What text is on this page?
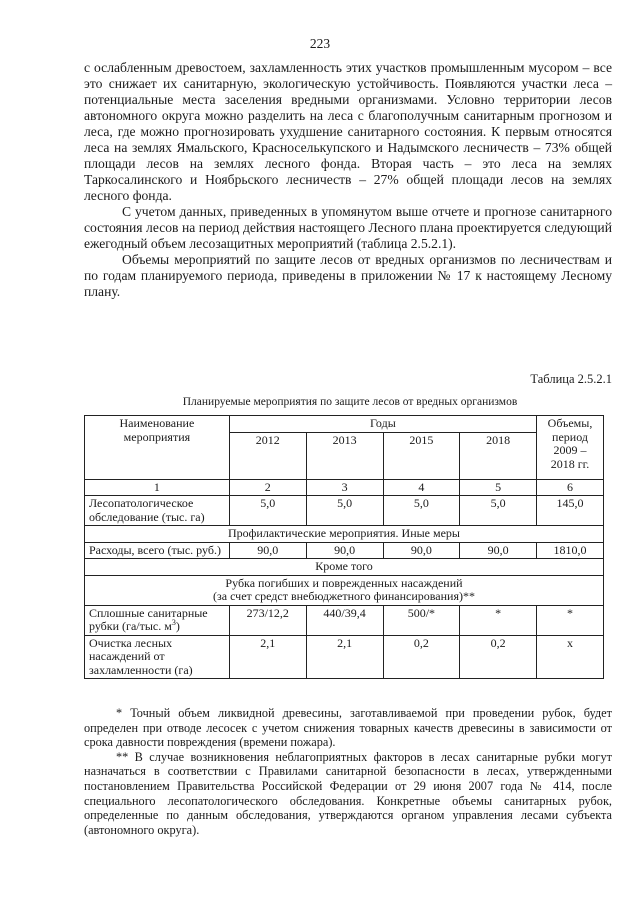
223

с ослабленным древостоем, захламленность этих участков промышленным мусором – все это снижает их санитарную, экологическую устойчивость. Появляются участки леса – потенциальные места заселения вредными организмами. Условно территории лесов автономного округа можно разделить на леса с благополучным санитарным прогнозом и леса, где можно прогнозировать ухудшение санитарного состояния. К первым относятся леса на землях Ямальского, Красноселькупского и Надымского лесничеств – 73% общей площади лесов на землях лесного фонда. Вторая часть – это леса на землях Таркосалинского и Ноябрьского лесничеств – 27% общей площади лесов на землях лесного фонда.

С учетом данных, приведенных в упомянутом выше отчете и прогнозе санитарного состояния лесов на период действия настоящего Лесного плана проектируется следующий ежегодный объем лесозащитных мероприятий (таблица 2.5.2.1).

Объемы мероприятий по защите лесов от вредных организмов по лесничествам и по годам планируемого периода, приведены в приложении № 17 к настоящему Лесному плану.

Таблица 2.5.2.1
Планируемые мероприятия по защите лесов от вредных организмов
Наименование мероприятия	Годы				Объемы, период 2009 – 2018 гг.
	2012	2013	2015	2018	
1	2	3	4	5	6
Лесопатологическое обследование (тыс. га)	5,0	5,0	5,0	5,0	145,0
Профилактические мероприятия. Иные меры					
Расходы, всего (тыс. руб.)	90,0	90,0	90,0	90,0	1810,0
Кроме того					

Рубка погибших и поврежденных насаждений
(за счет средст внебюджетного финансирования)**					

Сплошные санитарные рубки (га/тыс. $м^3$)	273/12,2	440/39,4	500/*	*	*
Очистка лесных насаждений от захламленности (га)	2,1	2,1	0,2	0,2	х

* Точный объем ликвидной древесины, заготавливаемой при проведении рубок, будет определен при отводе лесосек с учетом снижения товарных качеств древесины в зависимости от срока давности повреждения (времени пожара).

** В случае возникновения неблагоприятных факторов в лесах санитарные рубки могут назначаться в соответствии с Правилами санитарной безопасности в лесах, утвержденными постановлением Правительства Российской Федерации от 29 июня 2007 года № 414, после специального лесопатологического обследования. Конкретные объемы санитарных рубок, определенные по данным обследования, утверждаются органом управления лесами субъекта (автономного округа).
